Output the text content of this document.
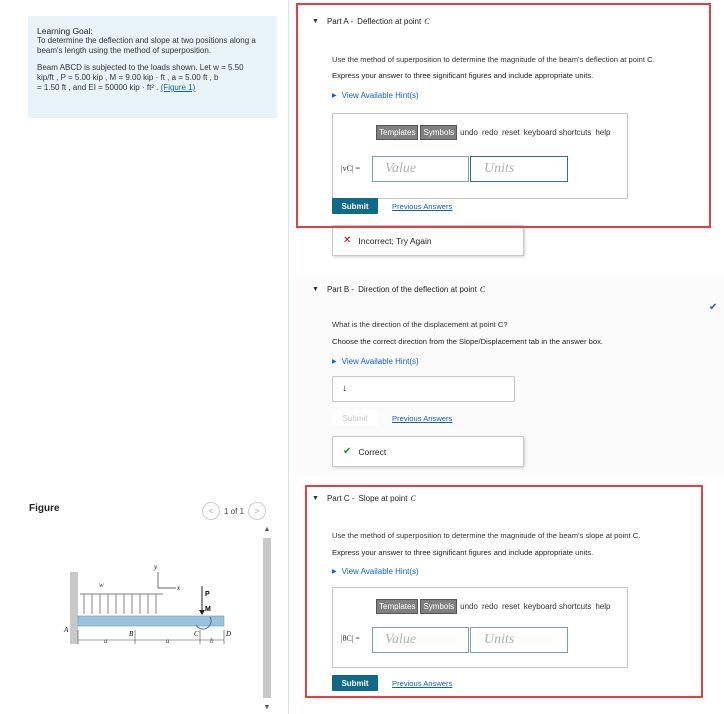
Learning Goal:
To determine the deflection and slope at two positions along a beam's length using the method of superposition.
Beam ABCD is subjected to the loads shown. Let w = 5.50
kip/ft , P = 5.00 kip , M = 9.00 kip · ft , a = 5.00 ft , b
= 1.50 ft , and EI = 50000 kip · ft² . (Figure 1)
Figure	<	1 of 1	>
w
y
x
P
M
A	B	C	D
a	a	b
▲
▼
▼ Part A - Deflection at point C
Use the method of superposition to determine the magnitude of the beam's deflection at point C.
Express your answer to three significant figures and include appropriate units.
▶ View Available Hint(s)
Templates	Symbols undo redo reset keyboard shortcuts help
|vC| =	Value	Units
Submit	Previous Answers
✕ Incorrect; Try Again
▼ Part B - Direction of the deflection at point C
What is the direction of the displacement at point C?
Choose the correct direction from the Slope/Displacement tab in the answer box.
▶ View Available Hint(s)
↓
Submit	Previous Answers
✔ Correct
✔
▼ Part C - Slope at point C
Use the method of superposition to determine the magnitude of the beam's slope at point C.
Express your answer to three significant figures and include appropriate units.
▶ View Available Hint(s)
Templates	Symbols undo redo reset keyboard shortcuts help
|θC| =	Value	Units
Submit	Previous Answers
